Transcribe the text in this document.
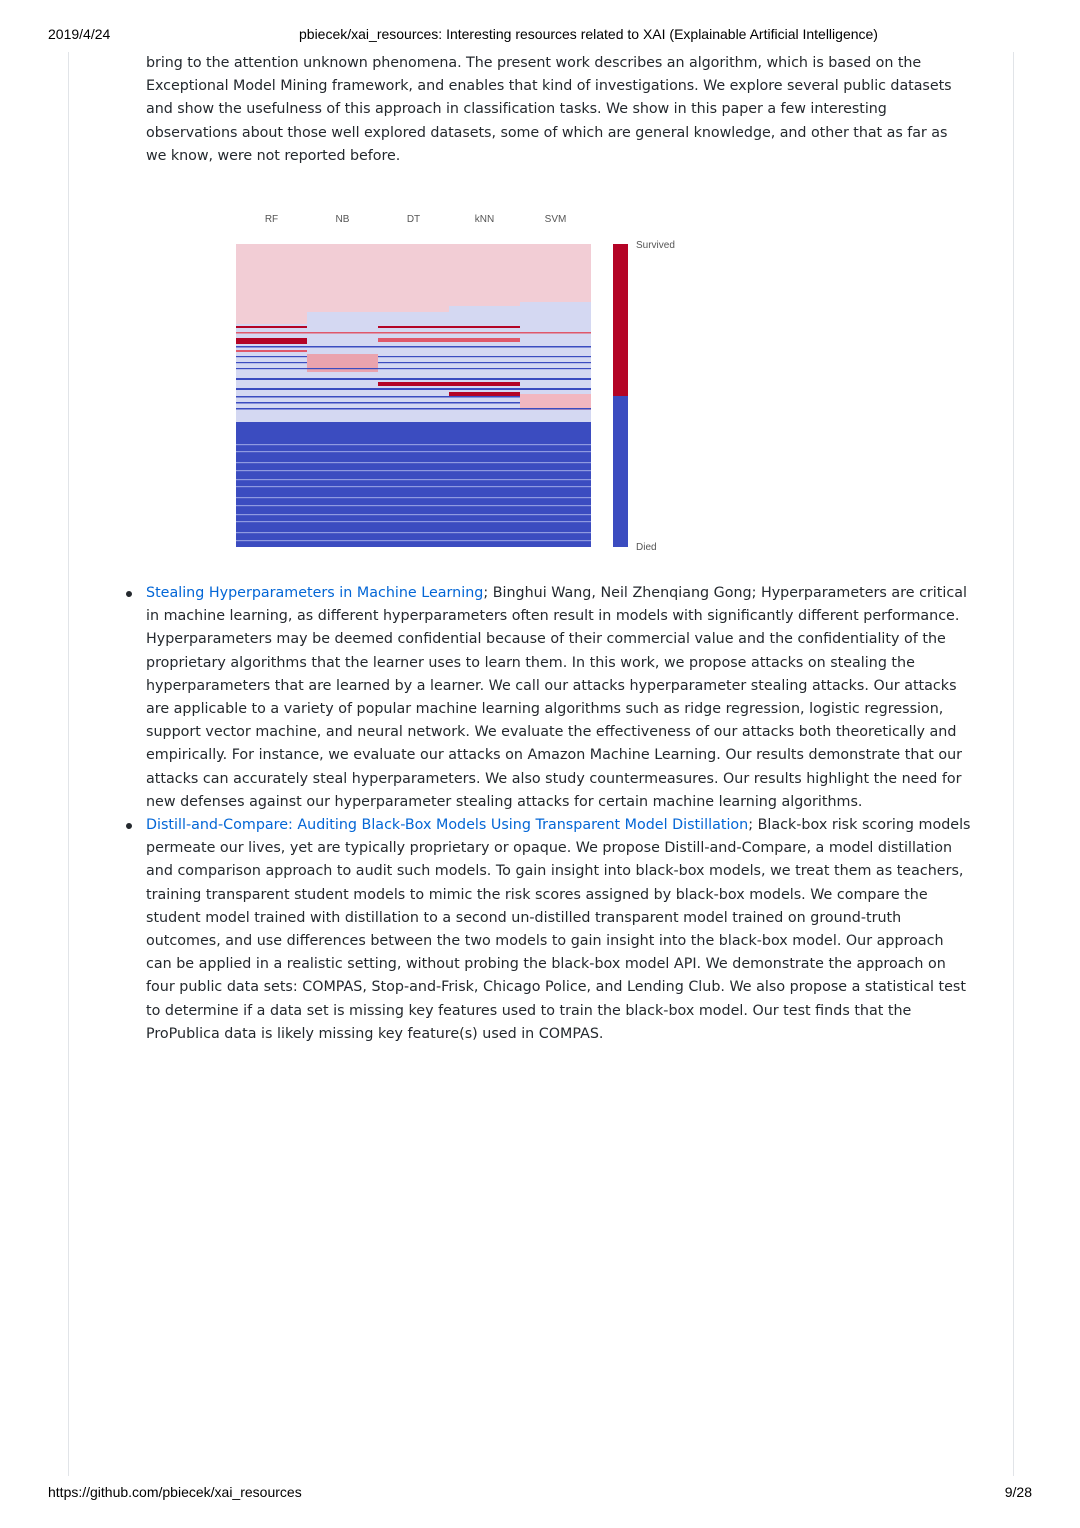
2019/4/24	pbiecek/xai_resources: Interesting resources related to XAI (Explainable Artificial Intelligence)

bring to the attention unknown phenomena. The present work describes an algorithm, which is based on the Exceptional Model Mining framework, and enables that kind of investigations. We explore several public datasets and show the usefulness of this approach in classification tasks. We show in this paper a few interesting observations about those well explored datasets, some of which are general knowledge, and other that as far as we know, were not reported before.

RF	NB	DT	kNN	SVM
Survived
Died
Stealing Hyperparameters in Machine Learning; Binghui Wang, Neil Zhenqiang Gong; Hyperparameters are critical in machine learning, as different hyperparameters often result in models with significantly different performance. Hyperparameters may be deemed confidential because of their commercial value and the confidentiality of the proprietary algorithms that the learner uses to learn them. In this work, we propose attacks on stealing the hyperparameters that are learned by a learner. We call our attacks hyperparameter stealing attacks. Our attacks are applicable to a variety of popular machine learning algorithms such as ridge regression, logistic regression, support vector machine, and neural network. We evaluate the effectiveness of our attacks both theoretically and empirically. For instance, we evaluate our attacks on Amazon Machine Learning. Our results demonstrate that our attacks can accurately steal hyperparameters. We also study countermeasures. Our results highlight the need for new defenses against our hyperparameter stealing attacks for certain machine learning algorithms.
Distill-and-Compare: Auditing Black-Box Models Using Transparent Model Distillation; Black-box risk scoring models permeate our lives, yet are typically proprietary or opaque. We propose Distill-and-Compare, a model distillation and comparison approach to audit such models. To gain insight into black-box models, we treat them as teachers, training transparent student models to mimic the risk scores assigned by black-box models. We compare the student model trained with distillation to a second un-distilled transparent model trained on ground-truth outcomes, and use differences between the two models to gain insight into the black-box model. Our approach can be applied in a realistic setting, without probing the black-box model API. We demonstrate the approach on four public data sets: COMPAS, Stop-and-Frisk, Chicago Police, and Lending Club. We also propose a statistical test to determine if a data set is missing key features used to train the black-box model. Our test finds that the ProPublica data is likely missing key feature(s) used in COMPAS.
https://github.com/pbiecek/xai_resources	9/28
